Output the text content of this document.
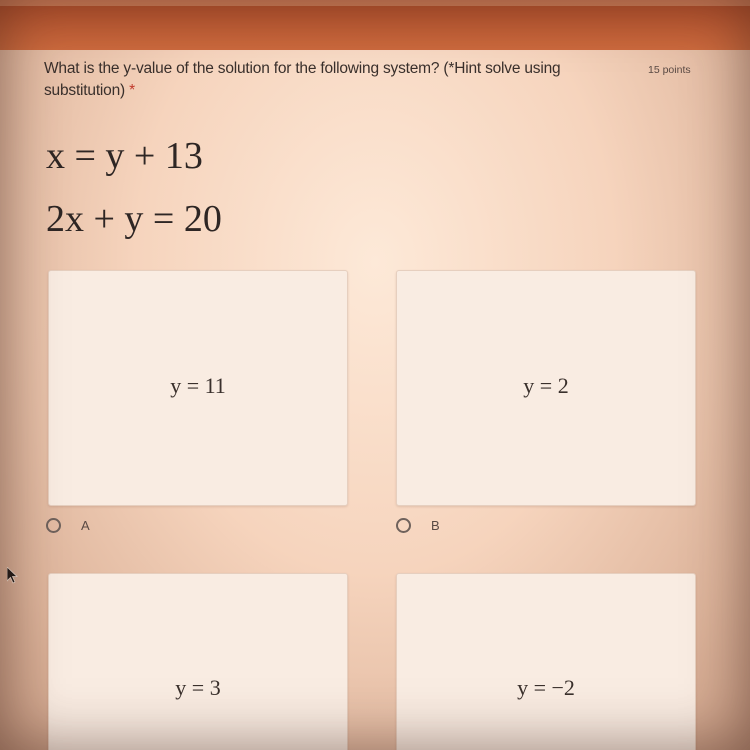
What is the y-value of the solution for the following system? (*Hint solve using substitution) *
15 points
x = y + 13
2x + y = 20
y = 11	y = 2
A	B
y = 3	y = −2
